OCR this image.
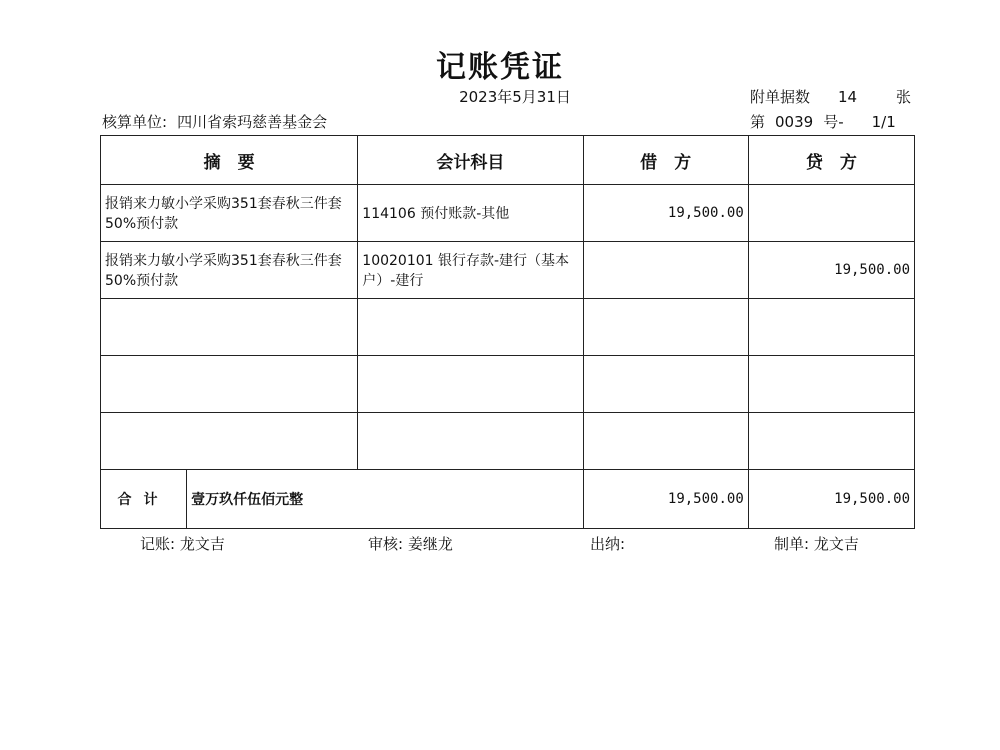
记账凭证
2023年5月31日	附单据数 14	张
核算单位: 四川省索玛慈善基金会	第 0039 号- 1/1
摘　要		会计科目	借　方	贷　方
报销来力敏小学采购351套春秋三件套50%预付款		114106 预付账款-其他	19,500.00	
报销来力敏小学采购351套春秋三件套50%预付款		10020101 银行存款-建行（基本户）-建行		19,500.00

合计	壹万玖仟伍佰元整		19,500.00	19,500.00
记账: 龙文吉	审核: 姜继龙	出纳:	制单: 龙文吉
